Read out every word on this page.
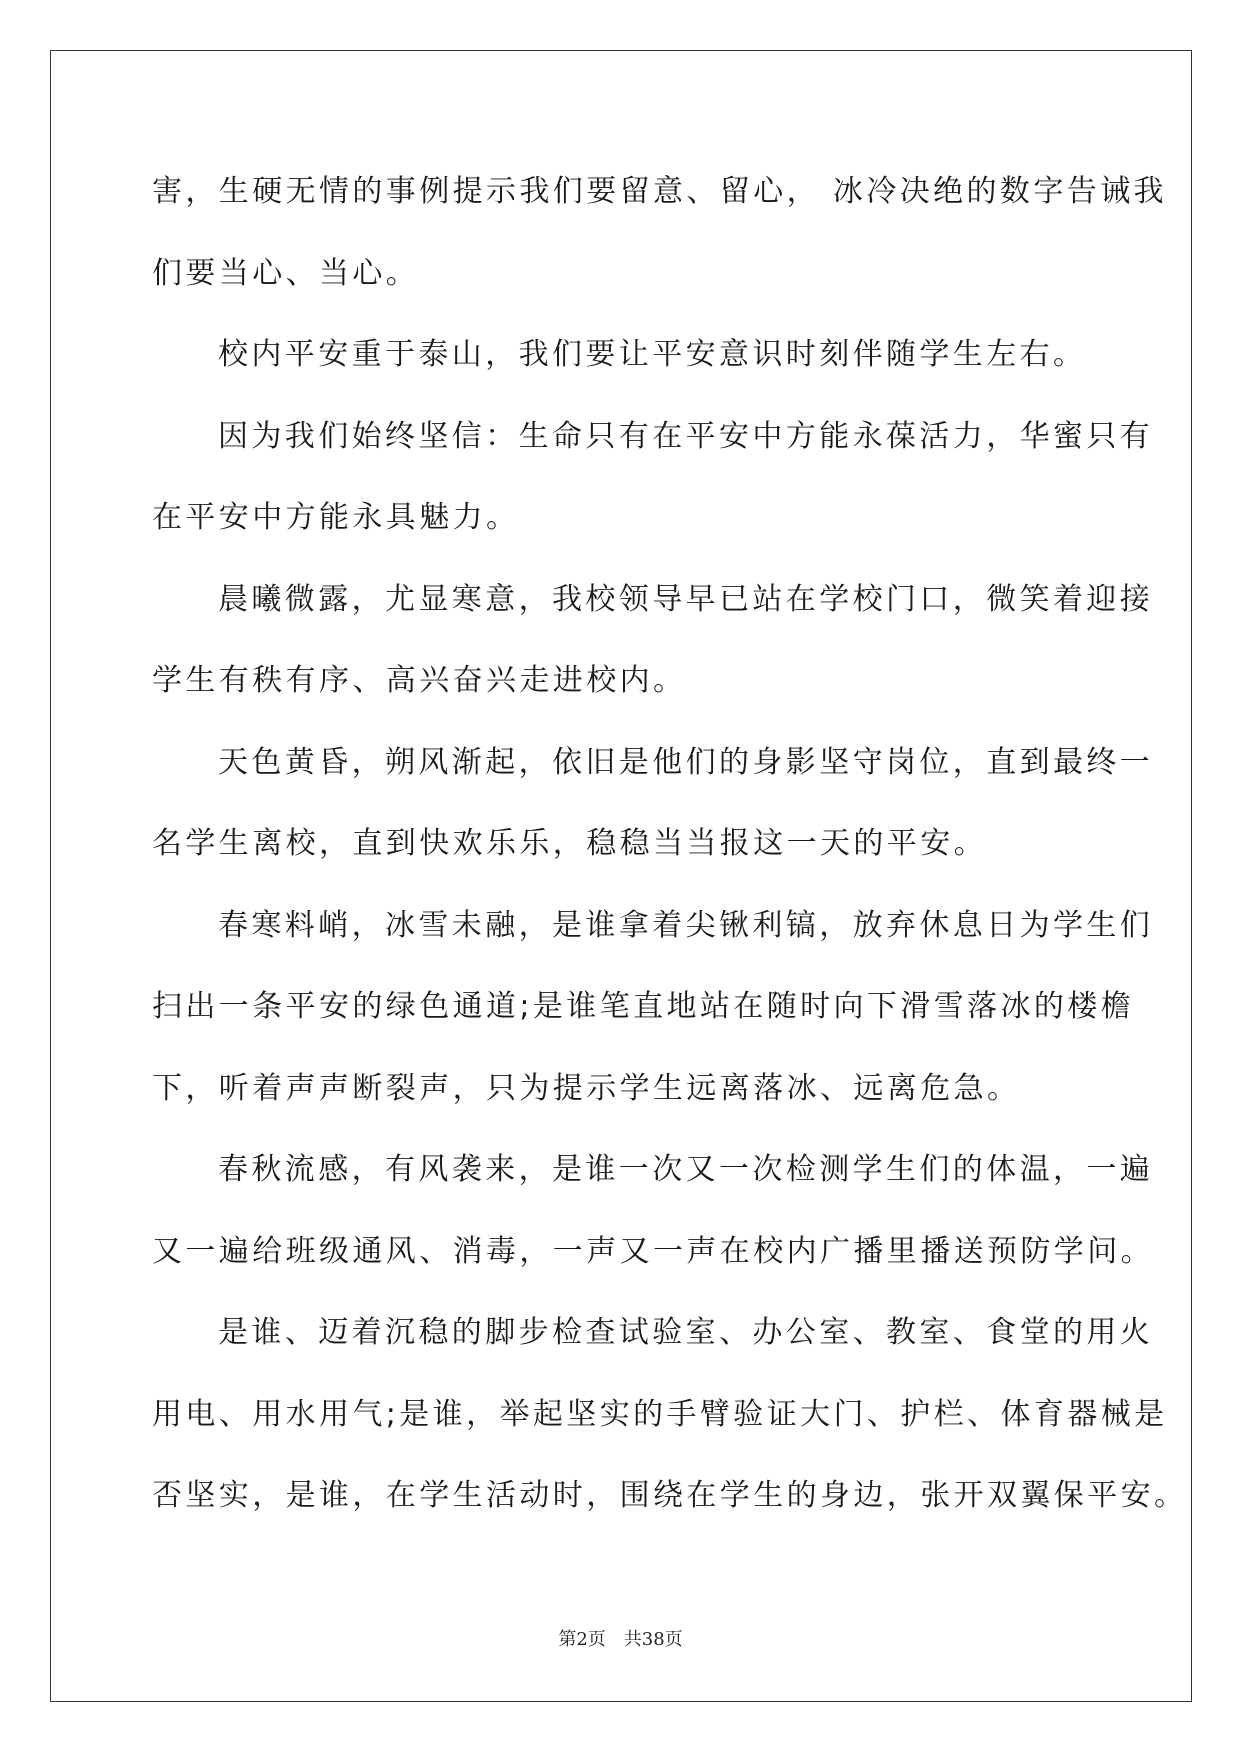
害，生硬无情的事例提示我们要留意、留心， 冰冷决绝的数字告诫我
们要当心、当心。
校内平安重于泰山，我们要让平安意识时刻伴随学生左右。
因为我们始终坚信：生命只有在平安中方能永葆活力，华蜜只有
在平安中方能永具魅力。
晨曦微露，尤显寒意，我校领导早已站在学校门口，微笑着迎接
学生有秩有序、高兴奋兴走进校内。
天色黄昏，朔风渐起，依旧是他们的身影坚守岗位，直到最终一
名学生离校，直到快欢乐乐，稳稳当当报这一天的平安。
春寒料峭，冰雪未融，是谁拿着尖锹利镐，放弃休息日为学生们
扫出一条平安的绿色通道;是谁笔直地站在随时向下滑雪落冰的楼檐
下，听着声声断裂声，只为提示学生远离落冰、远离危急。
春秋流感，有风袭来，是谁一次又一次检测学生们的体温，一遍
又一遍给班级通风、消毒，一声又一声在校内广播里播送预防学问。
是谁、迈着沉稳的脚步检查试验室、办公室、教室、食堂的用火
用电、用水用气;是谁，举起坚实的手臂验证大门、护栏、体育器械是
否坚实，是谁，在学生活动时，围绕在学生的身边，张开双翼保平安。
第2页 共38页
